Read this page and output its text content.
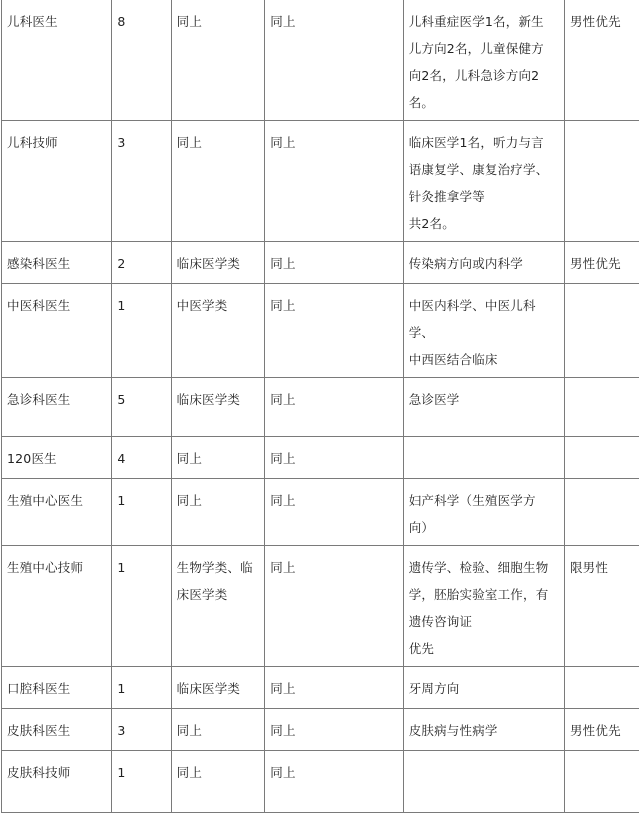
儿科医生	8	同上	同上	儿科重症医学1名，新生
儿方向2名，儿童保健方
向2名，儿科急诊方向2
名。	男性优先
儿科技师	3	同上	同上	临床医学1名，听力与言
语康复学、康复治疗学、
针灸推拿学等
共2名。	

感染科医生	2	临床医学类	同上	传染病方向或内科学	男性优先
中医科医生	1	中医学类	同上	中医内科学、中医儿科
学、
中西医结合临床	

急诊科医生	5	临床医学类	同上	急诊医学	

120医生	4	同上	同上		
生殖中心医生	1	同上	同上	妇产科学（生殖医学方
向）	

生殖中心技师	1	生物学类、临
床医学类	同上	遗传学、检验、细胞生物
学，胚胎实验室工作，有
遗传咨询证
优先	限男性
口腔科医生	1	临床医学类	同上	牙周方向	

皮肤科医生	3	同上	同上	皮肤病与性病学	男性优先
皮肤科技师	1	同上	同上		
